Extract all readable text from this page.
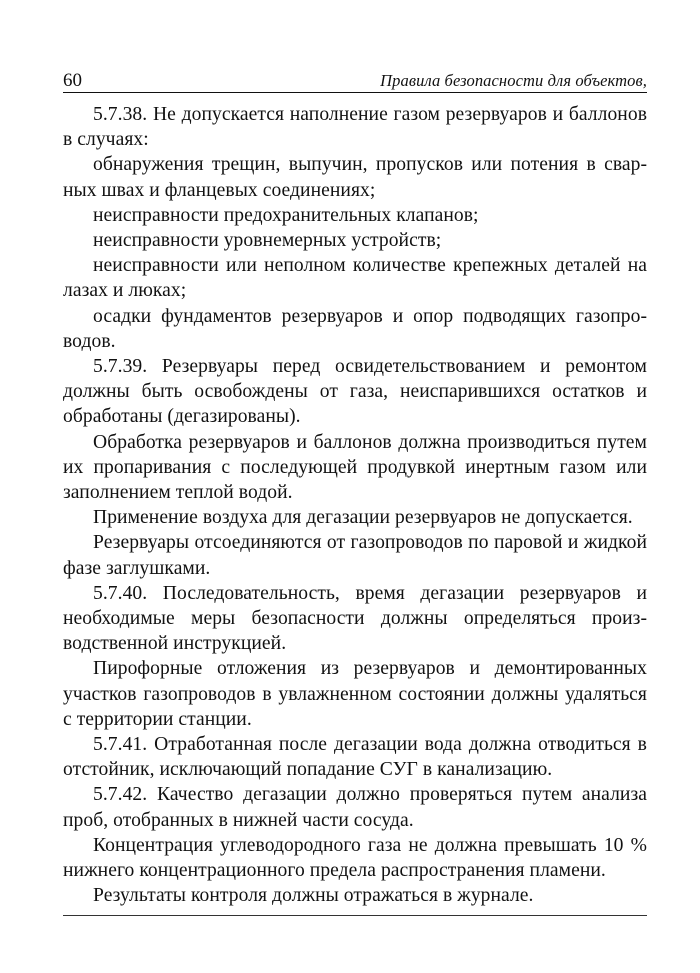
60	Правила безопасности для объектов,

5.7.38. Не допускается наполнение газом резервуаров и баллонов в случаях:

обнаружения трещин, выпучин, пропусков или потения в сварных швах и фланцевых соединениях;

неисправности предохранительных клапанов;

неисправности уровнемерных устройств;

неисправности или неполном количестве крепежных деталей на лазах и люках;

осадки фундаментов резервуаров и опор подводящих газопроводов.

5.7.39. Резервуары перед освидетельствованием и ремонтом должны быть освобождены от газа, неиспарившихся остатков и обработаны (дегазированы).

Обработка резервуаров и баллонов должна производиться путем их пропаривания с последующей продувкой инертным газом или заполнением теплой водой.

Применение воздуха для дегазации резервуаров не допускается.

Резервуары отсоединяются от газопроводов по паровой и жидкой фазе заглушками.

5.7.40. Последовательность, время дегазации резервуаров и необходимые меры безопасности должны определяться производственной инструкцией.

Пирофорные отложения из резервуаров и демонтированных участков газопроводов в увлажненном состоянии должны удаляться с территории станции.

5.7.41. Отработанная после дегазации вода должна отводиться в отстойник, исключающий попадание СУГ в канализацию.

5.7.42. Качество дегазации должно проверяться путем анализа проб, отобранных в нижней части сосуда.

Концентрация углеводородного газа не должна превышать 10 % нижнего концентрационного предела распространения пламени.

Результаты контроля должны отражаться в журнале.
